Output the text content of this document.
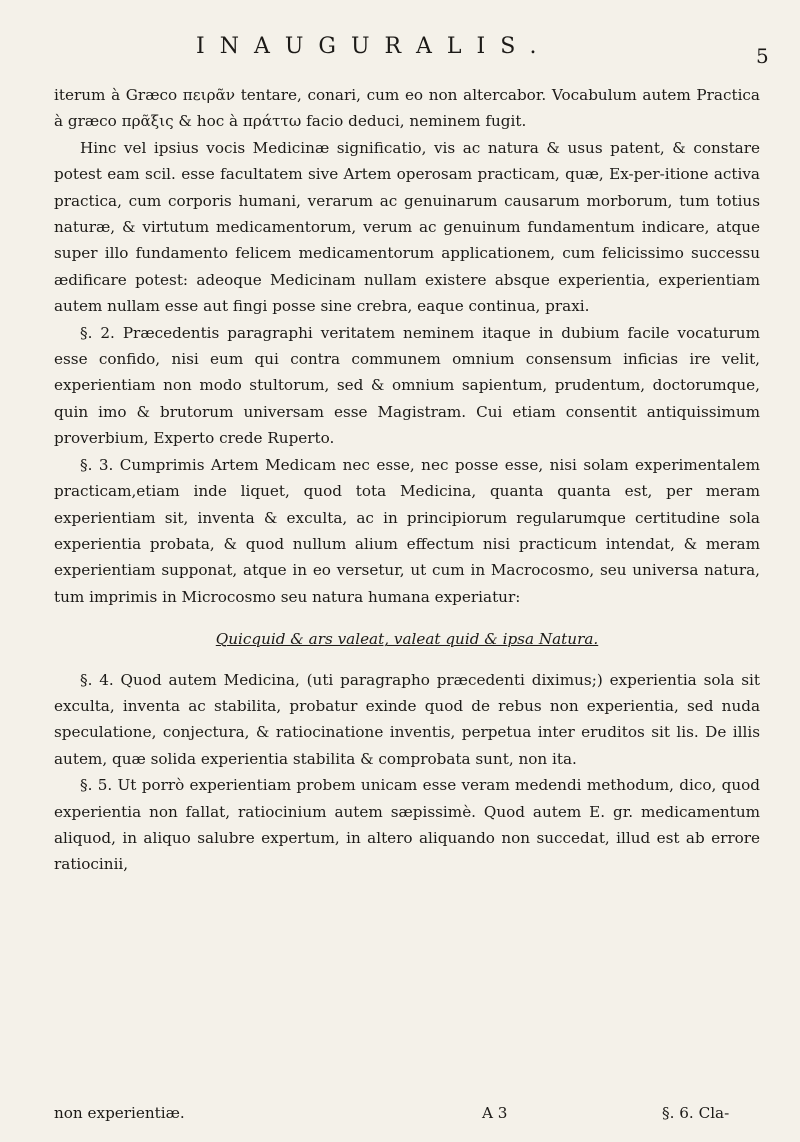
INAUGURALIS.	5

iterum à Græco πειρᾶν tentare, conari, cum eo non altercabor. Vocabulum autem Practica à græco πρᾶξις & hoc à πράττω facio deduci, neminem fugit.

Hinc vel ipsius vocis Medicinæ significatio, vis ac natura & usus patent, & constare potest eam scil. esse facultatem sive Artem operosam practicam, quæ, Ex-per-itione activa practica, cum corporis humani, verarum ac genuinarum causarum morborum, tum totius naturæ, & virtutum medicamentorum, verum ac genuinum fundamentum indicare, atque super illo fundamento felicem medicamentorum applicationem, cum felicissimo successu ædificare potest: adeoque Medicinam nullam existere absque experientia, experientiam autem nullam esse aut fingi posse sine crebra, eaque continua, praxi.

§. 2. Præcedentis paragraphi veritatem neminem itaque in dubium facile vocaturum esse confido, nisi eum qui contra communem omnium consensum inficias ire velit, experientiam non modo stultorum, sed & omnium sapientum, prudentum, doctorumque, quin imo & brutorum universam esse Magistram. Cui etiam consentit antiquissimum proverbium, Experto crede Ruperto.

§. 3. Cumprimis Artem Medicam nec esse, nec posse esse, nisi solam experimentalem practicam,etiam inde liquet, quod tota Medicina, quanta quanta est, per meram experientiam sit, inventa & exculta, ac in principiorum regularumque certitudine sola experientia probata, & quod nullum alium effectum nisi practicum intendat, & meram experientiam supponat, atque in eo versetur, ut cum in Macrocosmo, seu universa natura, tum imprimis in Microcosmo seu natura humana experiatur:

Quicquid & ars valeat, valeat quid & ipsa Natura.

§. 4. Quod autem Medicina, (uti paragrapho præcedenti diximus;) experientia sola sit exculta, inventa ac stabilita, probatur exinde quod de rebus non experientia, sed nuda speculatione, conjectura, & ratiocinatione inventis, perpetua inter eruditos sit lis. De illis autem, quæ solida experientia stabilita & comprobata sunt, non ita.

§. 5. Ut porrò experientiam probem unicam esse veram medendi methodum, dico, quod experientia non fallat, ratiocinium autem sæpissimè. Quod autem E. gr. medicamentum aliquod, in aliquo salubre expertum, in altero aliquando non succedat, illud est ab errore ratiocinii,

non experientiæ.	A 3	§. 6. Cla-
